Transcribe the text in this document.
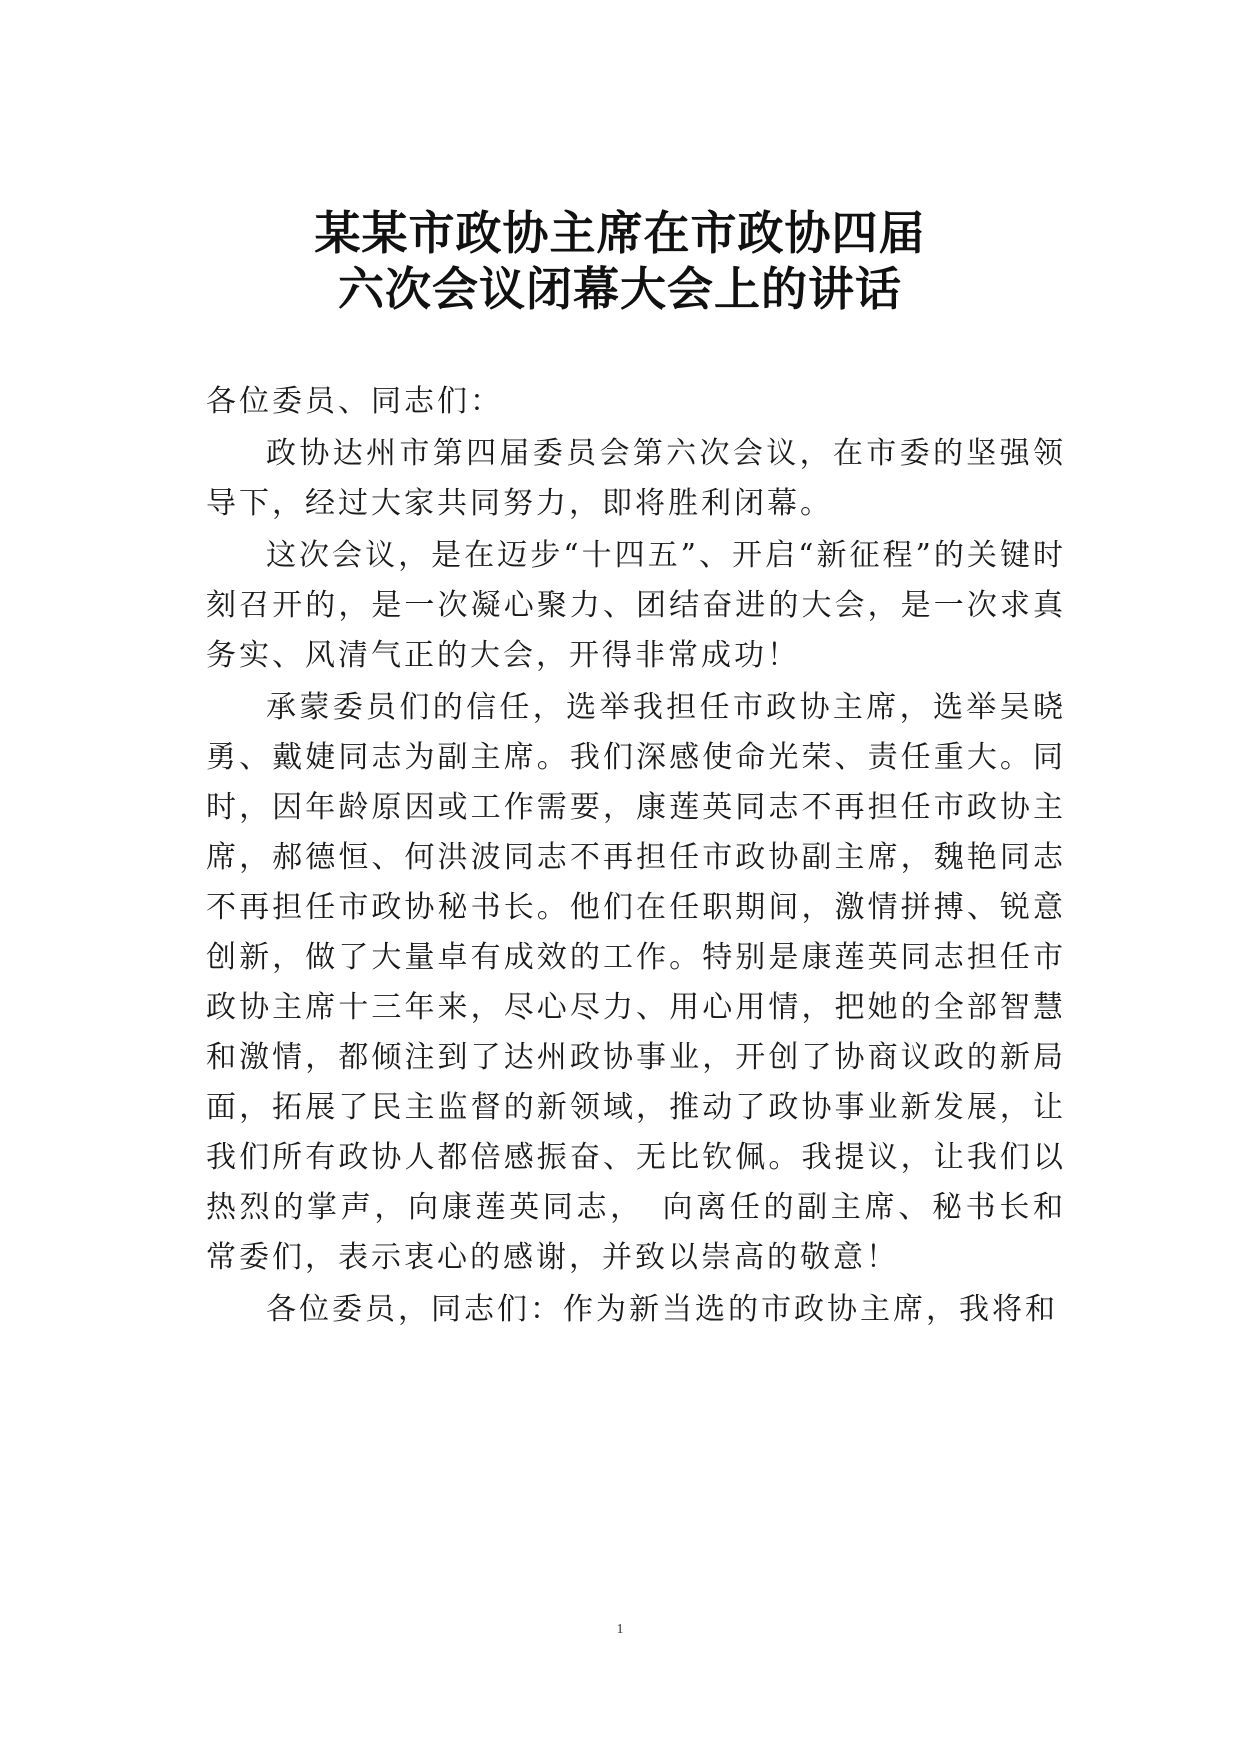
某某市政协主席在市政协四届
六次会议闭幕大会上的讲话

各位委员、同志们：

政协达州市第四届委员会第六次会议，在市委的坚强领导下，经过大家共同努力，即将胜利闭幕。

这次会议，是在迈步“十四五”、开启“新征程”的关键时刻召开的，是一次凝心聚力、团结奋进的大会，是一次求真务实、风清气正的大会，开得非常成功！

承蒙委员们的信任，选举我担任市政协主席，选举吴晓勇、戴婕同志为副主席。我们深感使命光荣、责任重大。同时，因年龄原因或工作需要，康莲英同志不再担任市政协主席，郝德恒、何洪波同志不再担任市政协副主席，魏艳同志不再担任市政协秘书长。他们在任职期间，激情拼搏、锐意创新，做了大量卓有成效的工作。特别是康莲英同志担任市政协主席十三年来，尽心尽力、用心用情，把她的全部智慧和激情，都倾注到了达州政协事业，开创了协商议政的新局面，拓展了民主监督的新领域，推动了政协事业新发展，让我们所有政协人都倍感振奋、无比钦佩。我提议，让我们以热烈的掌声，向康莲英同志，　向离任的副主席、秘书长和常委们，表示衷心的感谢，并致以崇高的敬意！

各位委员，同志们：作为新当选的市政协主席，我将和

1
